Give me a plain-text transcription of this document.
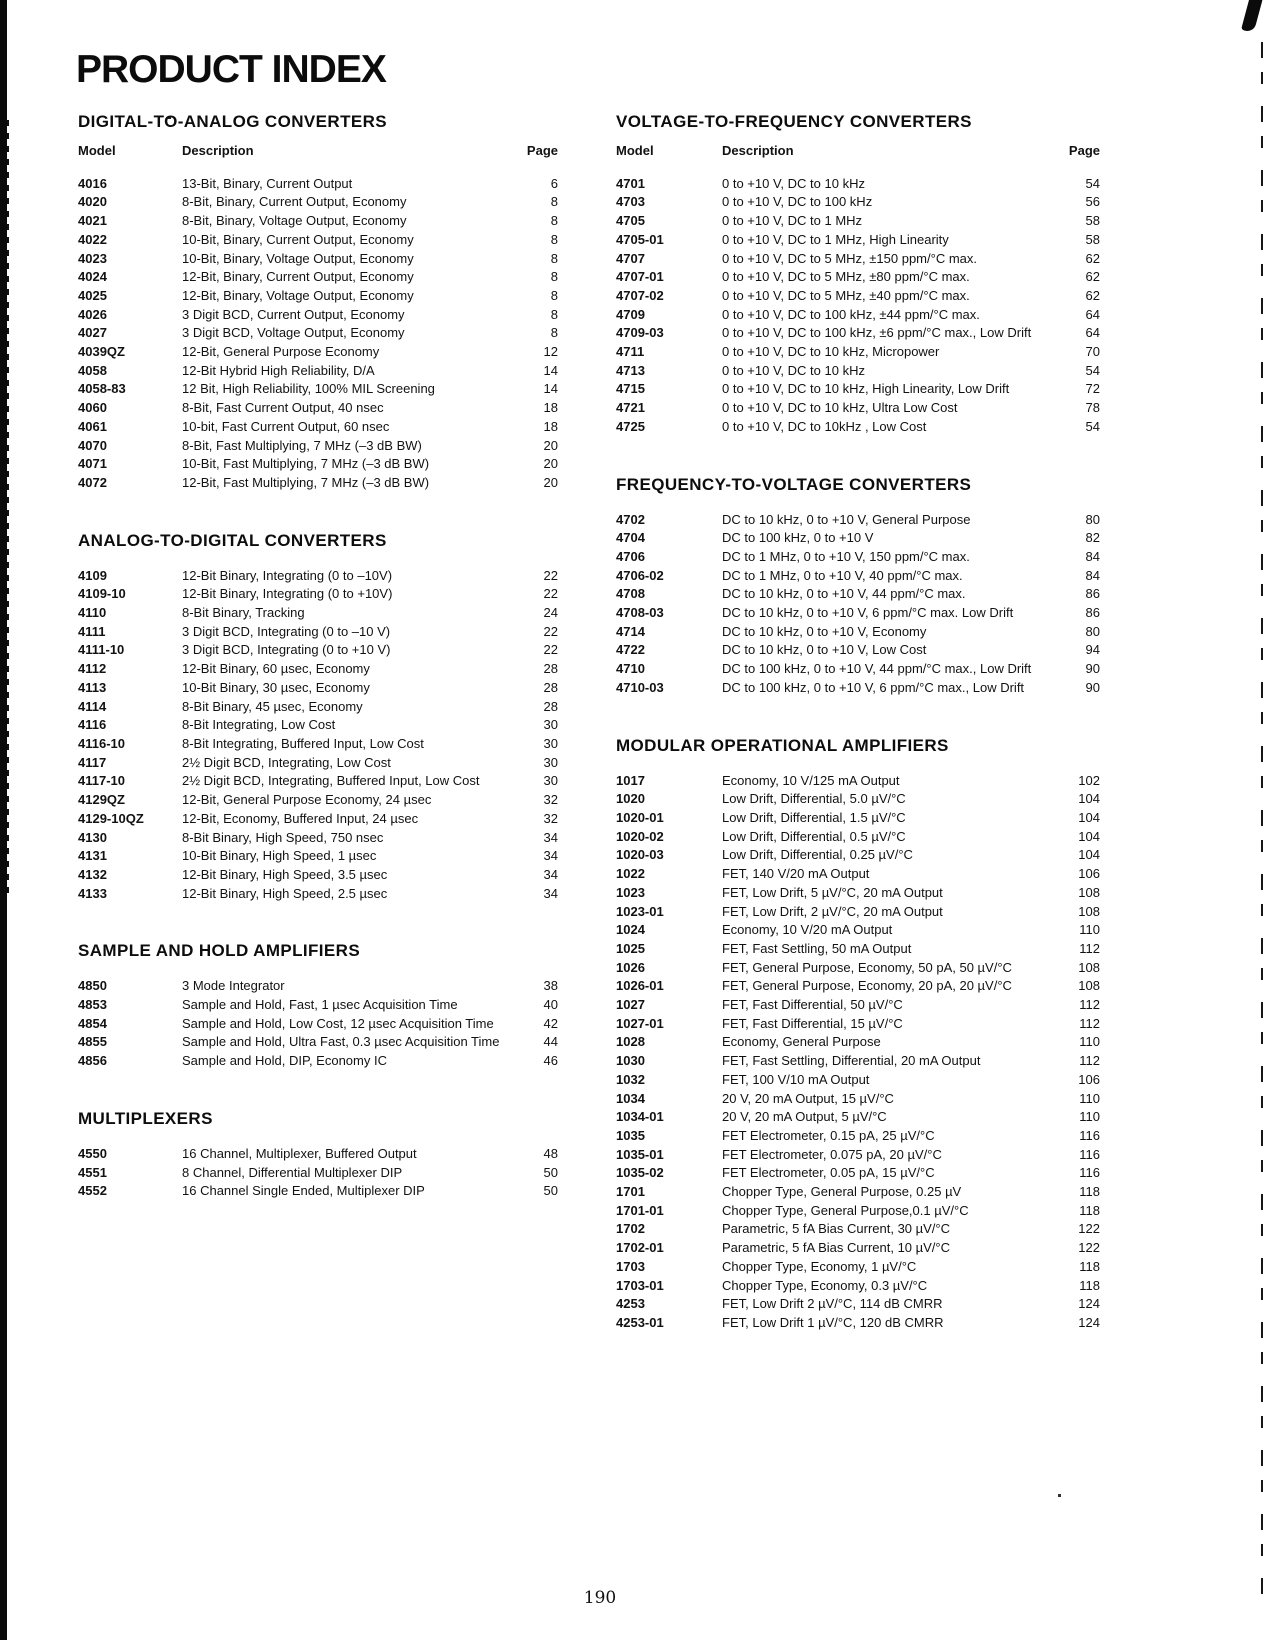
PRODUCT INDEX
DIGITAL-TO-ANALOG CONVERTERS
Model	Description	Page
4016	13-Bit, Binary, Current Output	6
4020	8-Bit, Binary, Current Output, Economy	8
4021	8-Bit, Binary, Voltage Output, Economy	8
4022	10-Bit, Binary, Current Output, Economy	8
4023	10-Bit, Binary, Voltage Output, Economy	8
4024	12-Bit, Binary, Current Output, Economy	8
4025	12-Bit, Binary, Voltage Output, Economy	8
4026	3 Digit BCD, Current Output, Economy	8
4027	3 Digit BCD, Voltage Output, Economy	8
4039QZ	12-Bit, General Purpose Economy	12
4058	12-Bit Hybrid High Reliability, D/A	14
4058-83	12 Bit, High Reliability, 100% MIL Screening	14
4060	8-Bit, Fast Current Output, 40 nsec	18
4061	10-bit, Fast Current Output, 60 nsec	18
4070	8-Bit, Fast Multiplying, 7 MHz (–3 dB BW)	20
4071	10-Bit, Fast Multiplying, 7 MHz (–3 dB BW)	20
4072	12-Bit, Fast Multiplying, 7 MHz (–3 dB BW)	20
ANALOG-TO-DIGITAL CONVERTERS
4109	12-Bit Binary, Integrating (0 to –10V)	22
4109-10	12-Bit Binary, Integrating (0 to +10V)	22
4110	8-Bit Binary, Tracking	24
4111	3 Digit BCD, Integrating (0 to –10 V)	22
4111-10	3 Digit BCD, Integrating (0 to +10 V)	22
4112	12-Bit Binary, 60 µsec, Economy	28
4113	10-Bit Binary, 30 µsec, Economy	28
4114	8-Bit Binary, 45 µsec, Economy	28
4116	8-Bit Integrating, Low Cost	30
4116-10	8-Bit Integrating, Buffered Input, Low Cost	30
4117	2½ Digit BCD, Integrating, Low Cost	30
4117-10	2½ Digit BCD, Integrating, Buffered Input, Low Cost	30
4129QZ	12-Bit, General Purpose Economy, 24 µsec	32
4129-10QZ	12-Bit, Economy, Buffered Input, 24 µsec	32
4130	8-Bit Binary, High Speed, 750 nsec	34
4131	10-Bit Binary, High Speed, 1 µsec	34
4132	12-Bit Binary, High Speed, 3.5 µsec	34
4133	12-Bit Binary, High Speed, 2.5 µsec	34
SAMPLE AND HOLD AMPLIFIERS
4850	3 Mode Integrator	38
4853	Sample and Hold, Fast, 1 µsec Acquisition Time	40
4854	Sample and Hold, Low Cost, 12 µsec Acquisition Time	42
4855	Sample and Hold, Ultra Fast, 0.3 µsec Acquisition Time	44
4856	Sample and Hold, DIP, Economy IC	46
MULTIPLEXERS
4550	16 Channel, Multiplexer, Buffered Output	48
4551	8 Channel, Differential Multiplexer DIP	50
4552	16 Channel Single Ended, Multiplexer DIP	50
VOLTAGE-TO-FREQUENCY CONVERTERS
Model	Description	Page
4701	0 to +10 V, DC to 10 kHz	54
4703	0 to +10 V, DC to 100 kHz	56
4705	0 to +10 V, DC to 1 MHz	58
4705-01	0 to +10 V, DC to 1 MHz, High Linearity	58
4707	0 to +10 V, DC to 5 MHz, ±150 ppm/°C max.	62
4707-01	0 to +10 V, DC to 5 MHz, ±80 ppm/°C max.	62
4707-02	0 to +10 V, DC to 5 MHz, ±40 ppm/°C max.	62
4709	0 to +10 V, DC to 100 kHz, ±44 ppm/°C max.	64
4709-03	0 to +10 V, DC to 100 kHz, ±6 ppm/°C max., Low Drift	64
4711	0 to +10 V, DC to 10 kHz, Micropower	70
4713	0 to +10 V, DC to 10 kHz	54
4715	0 to +10 V, DC to 10 kHz, High Linearity, Low Drift	72
4721	0 to +10 V, DC to 10 kHz, Ultra Low Cost	78
4725	0 to +10 V, DC to 10kHz , Low Cost	54
FREQUENCY-TO-VOLTAGE CONVERTERS
4702	DC to 10 kHz, 0 to +10 V, General Purpose	80
4704	DC to 100 kHz, 0 to +10 V	82
4706	DC to 1 MHz, 0 to +10 V, 150 ppm/°C max.	84
4706-02	DC to 1 MHz, 0 to +10 V, 40 ppm/°C max.	84
4708	DC to 10 kHz, 0 to +10 V, 44 ppm/°C max.	86
4708-03	DC to 10 kHz, 0 to +10 V, 6 ppm/°C max. Low Drift	86
4714	DC to 10 kHz, 0 to +10 V, Economy	80
4722	DC to 10 kHz, 0 to +10 V, Low Cost	94
4710	DC to 100 kHz, 0 to +10 V, 44 ppm/°C max., Low Drift	90
4710-03	DC to 100 kHz, 0 to +10 V, 6 ppm/°C max., Low Drift	90
MODULAR OPERATIONAL AMPLIFIERS
1017	Economy, 10 V/125 mA Output	102
1020	Low Drift, Differential, 5.0 µV/°C	104
1020-01	Low Drift, Differential, 1.5 µV/°C	104
1020-02	Low Drift, Differential, 0.5 µV/°C	104
1020-03	Low Drift, Differential, 0.25 µV/°C	104
1022	FET, 140 V/20 mA Output	106
1023	FET, Low Drift, 5 µV/°C, 20 mA Output	108
1023-01	FET, Low Drift, 2 µV/°C, 20 mA Output	108
1024	Economy, 10 V/20 mA Output	110
1025	FET, Fast Settling, 50 mA Output	112
1026	FET, General Purpose, Economy, 50 pA, 50 µV/°C	108
1026-01	FET, General Purpose, Economy, 20 pA, 20 µV/°C	108
1027	FET, Fast Differential, 50 µV/°C	112
1027-01	FET, Fast Differential, 15 µV/°C	112
1028	Economy, General Purpose	110
1030	FET, Fast Settling, Differential, 20 mA Output	112
1032	FET, 100 V/10 mA Output	106
1034	20 V, 20 mA Output, 15 µV/°C	110
1034-01	20 V, 20 mA Output, 5 µV/°C	110
1035	FET Electrometer, 0.15 pA, 25 µV/°C	116
1035-01	FET Electrometer, 0.075 pA, 20 µV/°C	116
1035-02	FET Electrometer, 0.05 pA, 15 µV/°C	116
1701	Chopper Type, General Purpose, 0.25 µV	118
1701-01	Chopper Type, General Purpose,0.1 µV/°C	118
1702	Parametric, 5 fA Bias Current, 30 µV/°C	122
1702-01	Parametric, 5 fA Bias Current, 10 µV/°C	122
1703	Chopper Type, Economy, 1 µV/°C	118
1703-01	Chopper Type, Economy, 0.3 µV/°C	118
4253	FET, Low Drift 2 µV/°C, 114 dB CMRR	124
4253-01	FET, Low Drift 1 µV/°C, 120 dB CMRR	124
190
